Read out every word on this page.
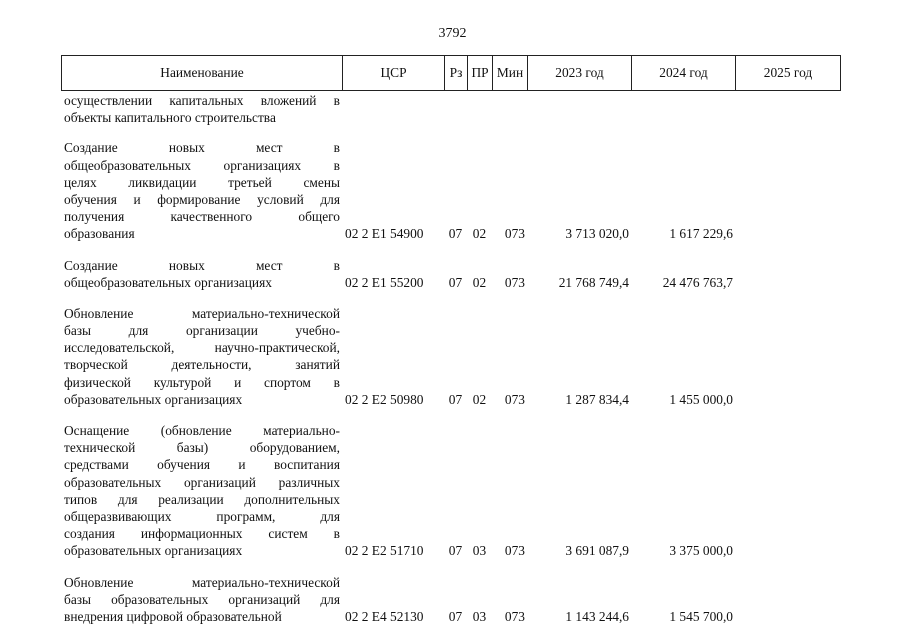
3792
Наименование	ЦСР	Рз ПР Мин	2023 год	2024 год	2025 год
осуществлении капитальных вложений в
объекты капитального строительства
Создание новых мест в
общеобразовательных организациях в
целях ликвидации третьей смены
обучения и формирование условий для
получения качественного общего
образования	02 2 E1 54900	07 02	073	3 713 020,0	1 617 229,6
Создание новых мест в
общеобразовательных организациях	02 2 E1 55200	07 02	073	21 768 749,4	24 476 763,7
Обновление материально-технической
базы для организации учебно-
исследовательской, научно-практической,
творческой деятельности, занятий
физической культурой и спортом в
образовательных организациях	02 2 E2 50980	07 02	073	1 287 834,4	1 455 000,0
Оснащение (обновление материально-
технической базы) оборудованием,
средствами обучения и воспитания
образовательных организаций различных
типов для реализации дополнительных
общеразвивающих программ, для
создания информационных систем в
образовательных организациях	02 2 E2 51710	07 03	073	3 691 087,9	3 375 000,0
Обновление материально-технической
базы образовательных организаций для
внедрения цифровой образовательной	02 2 E4 52130	07 03	073	1 143 244,6	1 545 700,0
